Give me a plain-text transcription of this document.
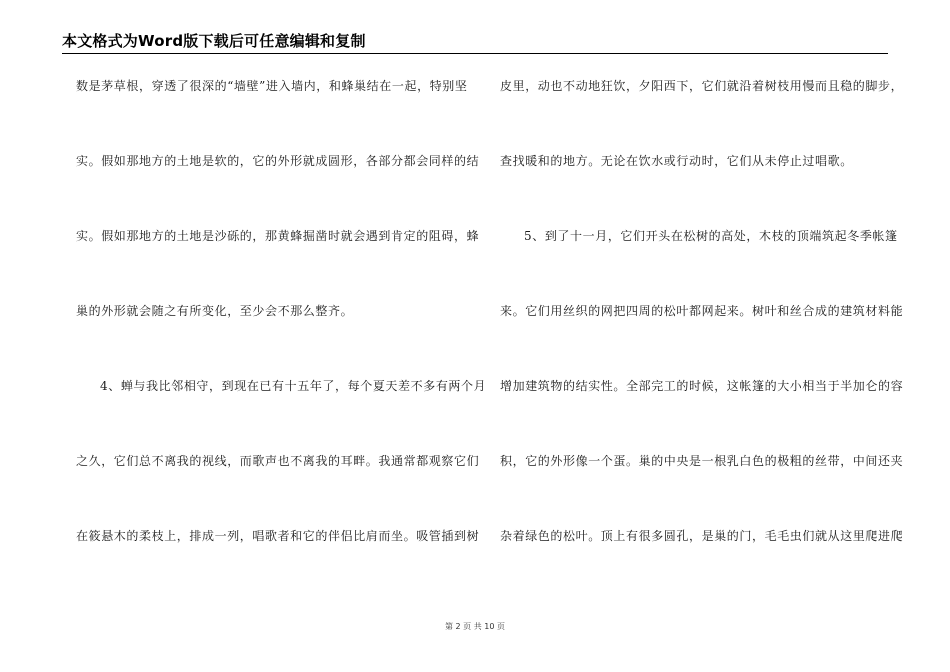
本文格式为Word版下载后可任意编辑和复制
数是茅草根，穿透了很深的“墙壁”进入墙内，和蜂巢结在一起，特别坚
实。假如那地方的土地是软的，它的外形就成圆形，各部分都会同样的结
实。假如那地方的土地是沙砾的，那黄蜂掘凿时就会遇到肯定的阻碍，蜂
巢的外形就会随之有所变化，至少会不那么整齐。
4、蝉与我比邻相守，到现在已有十五年了，每个夏天差不多有两个月
之久，它们总不离我的视线，而歌声也不离我的耳畔。我通常都观察它们
在筱悬木的柔枝上，排成一列，唱歌者和它的伴侣比肩而坐。吸管插到树
皮里，动也不动地狂饮，夕阳西下，它们就沿着树枝用慢而且稳的脚步，
查找暖和的地方。无论在饮水或行动时，它们从未停止过唱歌。
5、到了十一月，它们开头在松树的高处，木枝的顶端筑起冬季帐篷
来。它们用丝织的网把四周的松叶都网起来。树叶和丝合成的建筑材料能
增加建筑物的结实性。全部完工的时候，这帐篷的大小相当于半加仑的容
积，它的外形像一个蛋。巢的中央是一根乳白色的极粗的丝带，中间还夹
杂着绿色的松叶。顶上有很多圆孔，是巢的门，毛毛虫们就从这里爬进爬
第 2 页 共 10 页
